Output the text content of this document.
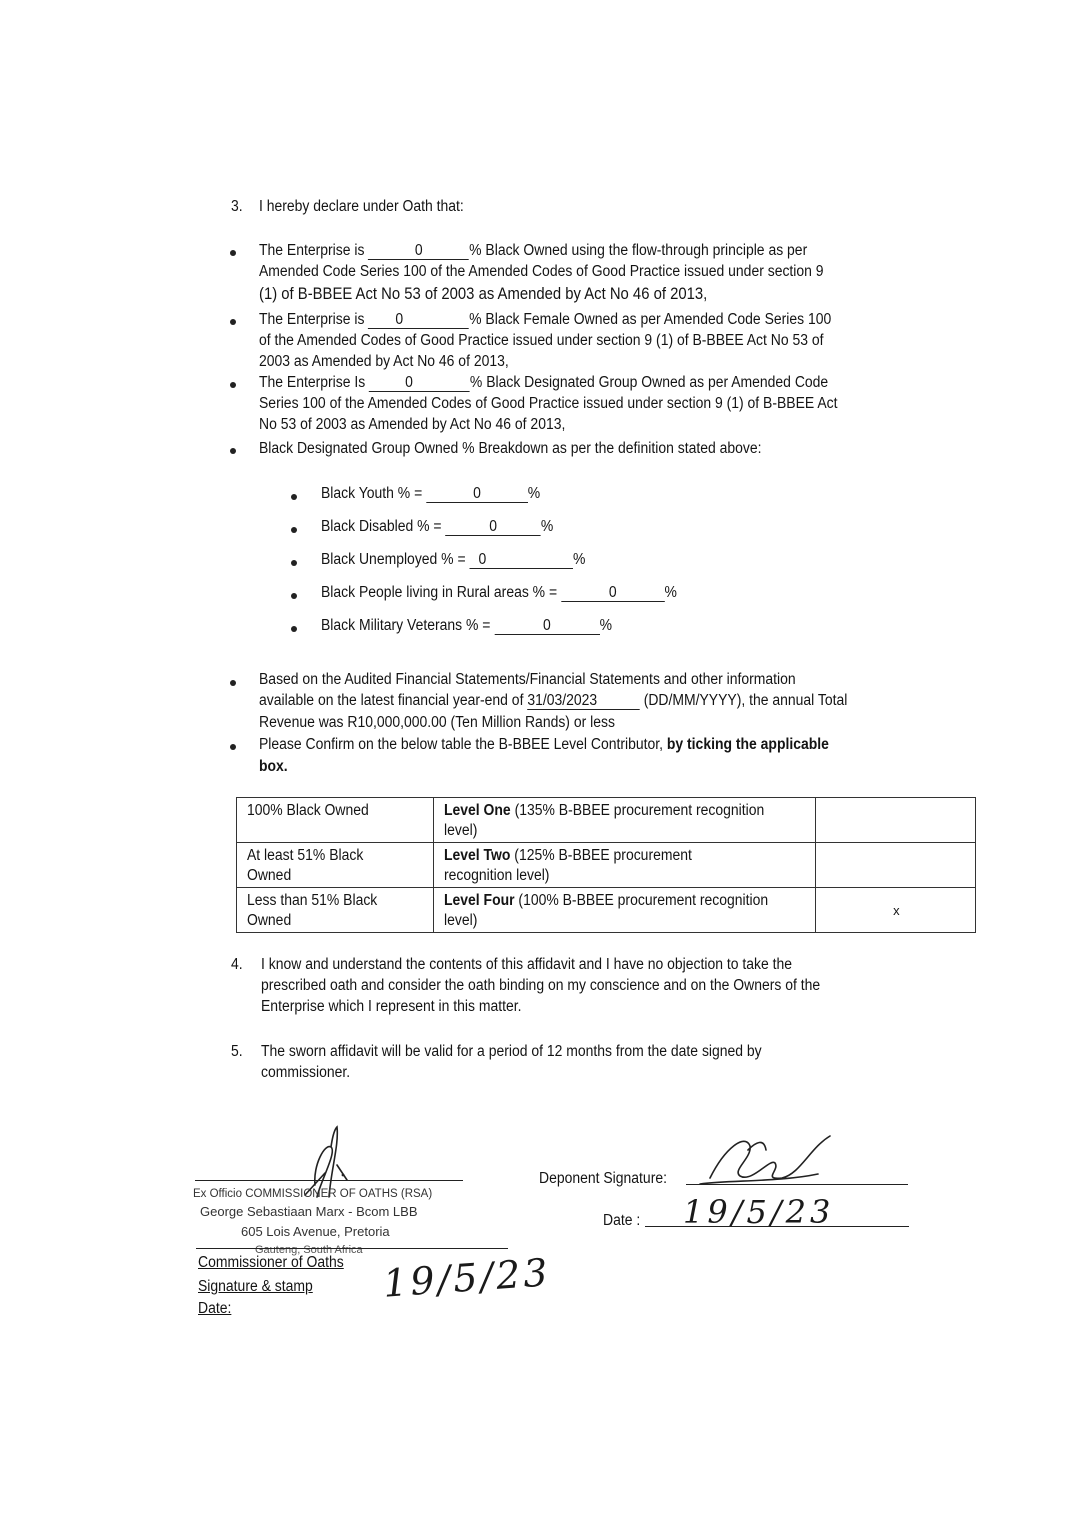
3. I hereby declare under Oath that:
The Enterprise is	0	% Black Owned using the flow-through principle as per
Amended Code Series 100 of the Amended Codes of Good Practice issued under section 9
(1) of B-BBEE Act No 53 of 2003 as Amended by Act No 46 of 2013,
The Enterprise is 0	% Black Female Owned as per Amended Code Series 100
of the Amended Codes of Good Practice issued under section 9 (1) of B-BBEE Act No 53 of
2003 as Amended by Act No 46 of 2013,
The Enterprise Is	0	% Black Designated Group Owned as per Amended Code
Series 100 of the Amended Codes of Good Practice issued under section 9 (1) of B-BBEE Act
No 53 of 2003 as Amended by Act No 46 of 2013,
Black Designated Group Owned % Breakdown as per the definition stated above:
Black Youth % =	0	%
Black Disabled % =	0	%
Black Unemployed % = 0	%
Black People living in Rural areas % =	0	%
Black Military Veterans % =	0	%
Based on the Audited Financial Statements/Financial Statements and other information
available on the latest financial year-end of 31/03/2023	(DD/MM/YYYY), the annual Total
Revenue was R10,000,000.00 (Ten Million Rands) or less
Please Confirm on the below table the B-BBEE Level Contributor, by ticking the applicable
box.
100% Black Owned	Level One (135% B-BBEE procurement recognition
level)	

At least 51% Black
Owned	Level Two (125% B-BBEE procurement
recognition level)	

Less than 51% Black
Owned	Level Four (100% B-BBEE procurement recognition
level)	x
4. I know and understand the contents of this affidavit and I have no objection to take the
prescribed oath and consider the oath binding on my conscience and on the Owners of the
Enterprise which I represent in this matter.
5. The sworn affidavit will be valid for a period of 12 months from the date signed by
commissioner.
Ex Officio COMMISSIONER OF OATHS (RSA)
George Sebastiaan Marx - Bcom LBB
605 Lois Avenue, Pretoria
Gauteng, South Africa
Commissioner of Oaths
Signature & stamp
Date:
19/5/23
Deponent Signature:
Date : 19/5/23
